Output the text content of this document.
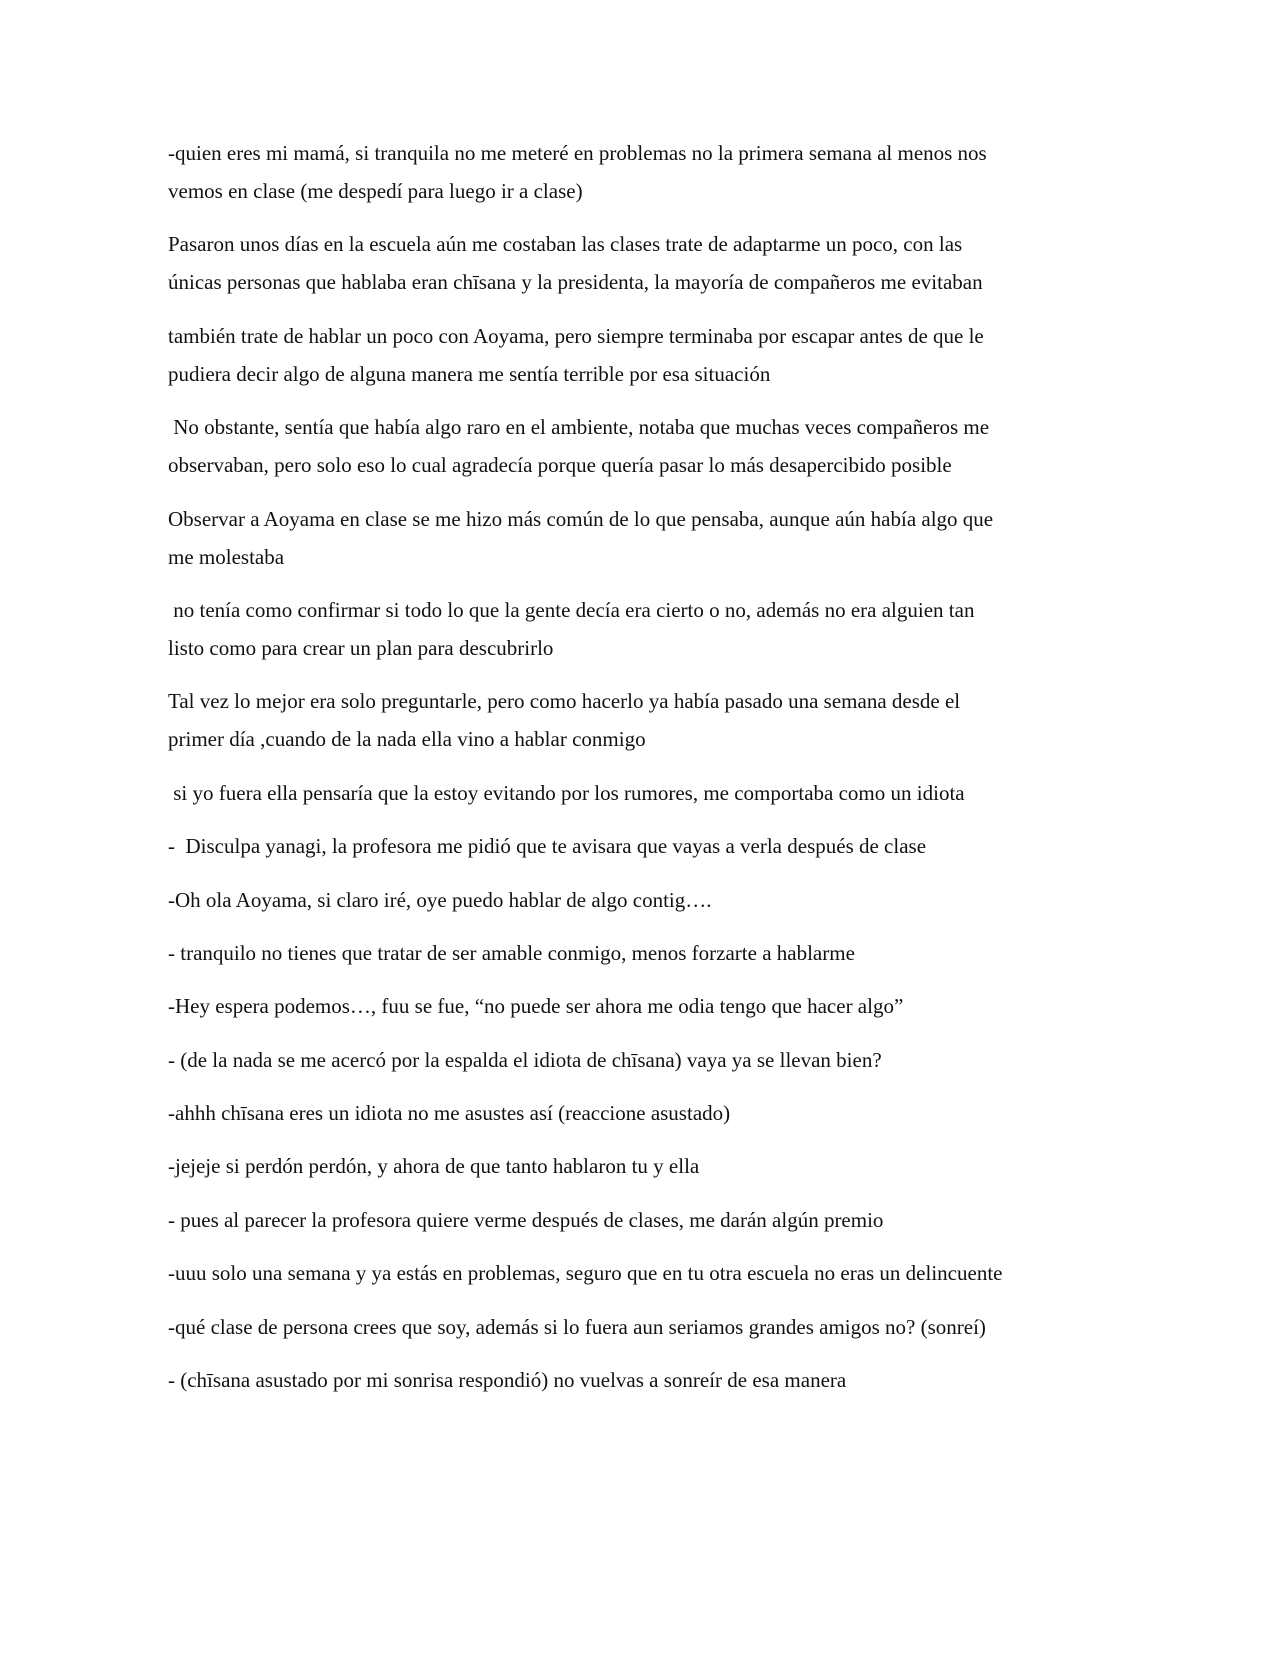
-quien eres mi mamá, si tranquila no me meteré en problemas no la primera semana al menos nos
vemos en clase (me despedí para luego ir a clase)

Pasaron unos días en la escuela aún me costaban las clases trate de adaptarme un poco, con las
únicas personas que hablaba eran chīsana y la presidenta, la mayoría de compañeros me evitaban

también trate de hablar un poco con Aoyama, pero siempre terminaba por escapar antes de que le
pudiera decir algo de alguna manera me sentía terrible por esa situación

No obstante, sentía que había algo raro en el ambiente, notaba que muchas veces compañeros me
observaban, pero solo eso lo cual agradecía porque quería pasar lo más desapercibido posible

Observar a Aoyama en clase se me hizo más común de lo que pensaba, aunque aún había algo que
me molestaba

no tenía como confirmar si todo lo que la gente decía era cierto o no, además no era alguien tan
listo como para crear un plan para descubrirlo

Tal vez lo mejor era solo preguntarle, pero como hacerlo ya había pasado una semana desde el
primer día ,cuando de la nada ella vino a hablar conmigo

si yo fuera ella pensaría que la estoy evitando por los rumores, me comportaba como un idiota

-  Disculpa yanagi, la profesora me pidió que te avisara que vayas a verla después de clase

-Oh ola Aoyama, si claro iré, oye puedo hablar de algo contig….

- tranquilo no tienes que tratar de ser amable conmigo, menos forzarte a hablarme

-Hey espera podemos…, fuu se fue, “no puede ser ahora me odia tengo que hacer algo”

- (de la nada se me acercó por la espalda el idiota de chīsana) vaya ya se llevan bien?

-ahhh chīsana eres un idiota no me asustes así (reaccione asustado)

-jejeje si perdón perdón, y ahora de que tanto hablaron tu y ella

- pues al parecer la profesora quiere verme después de clases, me darán algún premio

-uuu solo una semana y ya estás en problemas, seguro que en tu otra escuela no eras un delincuente

-qué clase de persona crees que soy, además si lo fuera aun seriamos grandes amigos no? (sonreí)

- (chīsana asustado por mi sonrisa respondió) no vuelvas a sonreír de esa manera
